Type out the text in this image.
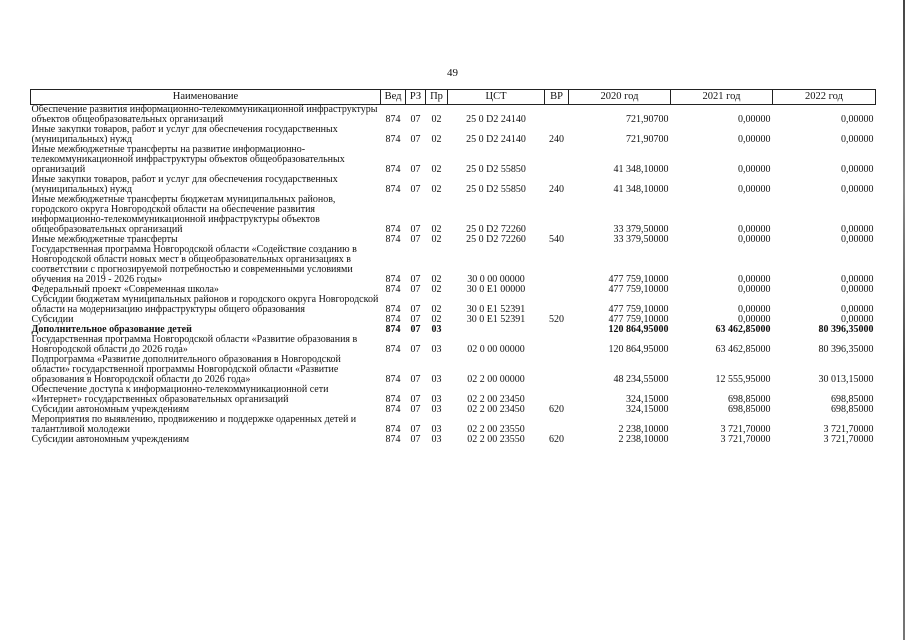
49
Наименование	Вед	РЗ	Пр	ЦСТ	ВР	2020 год	2021 год	2022 год
Обеспечение развития информационно-телекоммуникационной инфраструктуры объектов общеобразовательных организаций	874	07	02	25 0 D2 24140		721,90700	0,00000	0,00000
Иные закупки товаров, работ и услуг для обеспечения государственных (муниципальных) нужд	874	07	02	25 0 D2 24140	240	721,90700	0,00000	0,00000
Иные межбюджетные трансферты на развитие информационно-телекоммуникационной инфраструктуры объектов общеобразовательных организаций	874	07	02	25 0 D2 55850		41 348,10000	0,00000	0,00000
Иные закупки товаров, работ и услуг для обеспечения государственных (муниципальных) нужд	874	07	02	25 0 D2 55850	240	41 348,10000	0,00000	0,00000
Иные межбюджетные трансферты бюджетам муниципальных районов, городского округа Новгородской области на обеспечение развития информационно-телекоммуникационной инфраструктуры объектов общеобразовательных организаций	874	07	02	25 0 D2 72260		33 379,50000	0,00000	0,00000
Иные межбюджетные трансферты	874	07	02	25 0 D2 72260	540	33 379,50000	0,00000	0,00000
Государственная программа Новгородской области «Содействие созданию в Новгородской области новых мест в общеобразовательных организациях в соответствии с прогнозируемой потребностью и современными условиями обучения на 2019 - 2026 годы»	874	07	02	30 0 00 00000		477 759,10000	0,00000	0,00000
Федеральный проект «Современная школа»	874	07	02	30 0 E1 00000		477 759,10000	0,00000	0,00000
Субсидии бюджетам муниципальных районов и городского округа Новгородской области на модернизацию инфраструктуры общего образования	874	07	02	30 0 E1 52391		477 759,10000	0,00000	0,00000
Субсидии	874	07	02	30 0 E1 52391	520	477 759,10000	0,00000	0,00000
Дополнительное образование детей	874	07	03			120 864,95000	63 462,85000	80 396,35000
Государственная программа Новгородской области «Развитие образования в Новгородской области до 2026 года»	874	07	03	02 0 00 00000		120 864,95000	63 462,85000	80 396,35000
Подпрограмма «Развитие дополнительного образования в Новгородской области» государственной программы Новгородской области «Развитие образования в Новгородской области до 2026 года»	874	07	03	02 2 00 00000		48 234,55000	12 555,95000	30 013,15000
Обеспечение доступа к информационно-телекоммуникационной сети «Интернет» государственных образовательных организаций	874	07	03	02 2 00 23450		324,15000	698,85000	698,85000
Субсидии автономным учреждениям	874	07	03	02 2 00 23450	620	324,15000	698,85000	698,85000
Мероприятия по выявлению, продвижению и поддержке одаренных детей и талантливой молодежи	874	07	03	02 2 00 23550		2 238,10000	3 721,70000	3 721,70000
Субсидии автономным учреждениям	874	07	03	02 2 00 23550	620	2 238,10000	3 721,70000	3 721,70000
